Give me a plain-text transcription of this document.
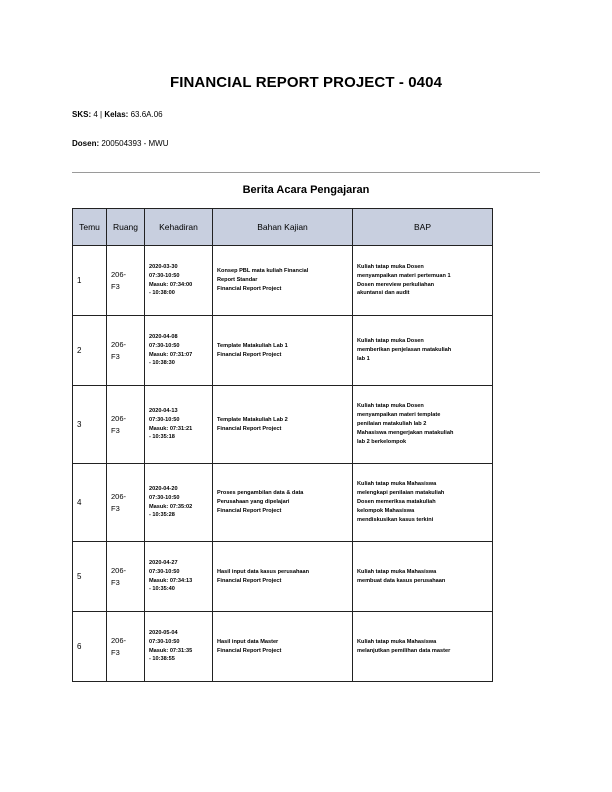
FINANCIAL REPORT PROJECT - 0404
SKS: 4 | Kelas: 63.6A.06
Dosen: 200504393 - MWU
Berita Acara Pengajaran
Temu	Ruang	Kehadiran	Bahan Kajian	BAP
1	206-
F3	2020-03-30
07:30-10:50
Masuk: 07:34:00
- 10:38:00	Konsep PBL mata kuliah Financial
Report Standar
Financial Report Project	Kuliah tatap muka Dosen
menyampaikan materi pertemuan 1
Dosen mereview perkuliahan
akuntansi dan audit

2	206-
F3	2020-04-08
07:30-10:50
Masuk: 07:31:07
- 10:38:30	Template Matakuliah Lab 1
Financial Report Project	Kuliah tatap muka Dosen
memberikan penjelasan matakuliah
lab 1

3	206-
F3	2020-04-13
07:30-10:50
Masuk: 07:31:21
- 10:35:18	Template Matakuliah Lab 2
Financial Report Project	Kuliah tatap muka Dosen
menyampaikan materi template
penilaian matakuliah lab 2
Mahasiswa mengerjakan matakuliah
lab 2 berkelompok

4	206-
F3	2020-04-20
07:30-10:50
Masuk: 07:35:02
- 10:35:28	Proses pengambilan data & data
Perusahaan yang dipelajari
Financial Report Project	Kuliah tatap muka Mahasiswa
melengkapi penilaian matakuliah
Dosen memeriksa matakuliah
kelompok Mahasiswa
mendiskusikan kasus terkini

5	206-
F3	2020-04-27
07:30-10:50
Masuk: 07:34:13
- 10:35:40	Hasil input data kasus perusahaan
Financial Report Project	Kuliah tatap muka Mahasiswa
membuat data kasus perusahaan

6	206-
F3	2020-05-04
07:30-10:50
Masuk: 07:31:35
- 10:38:55	Hasil input data Master
Financial Report Project	Kuliah tatap muka Mahasiswa
melanjutkan pemilihan data master
